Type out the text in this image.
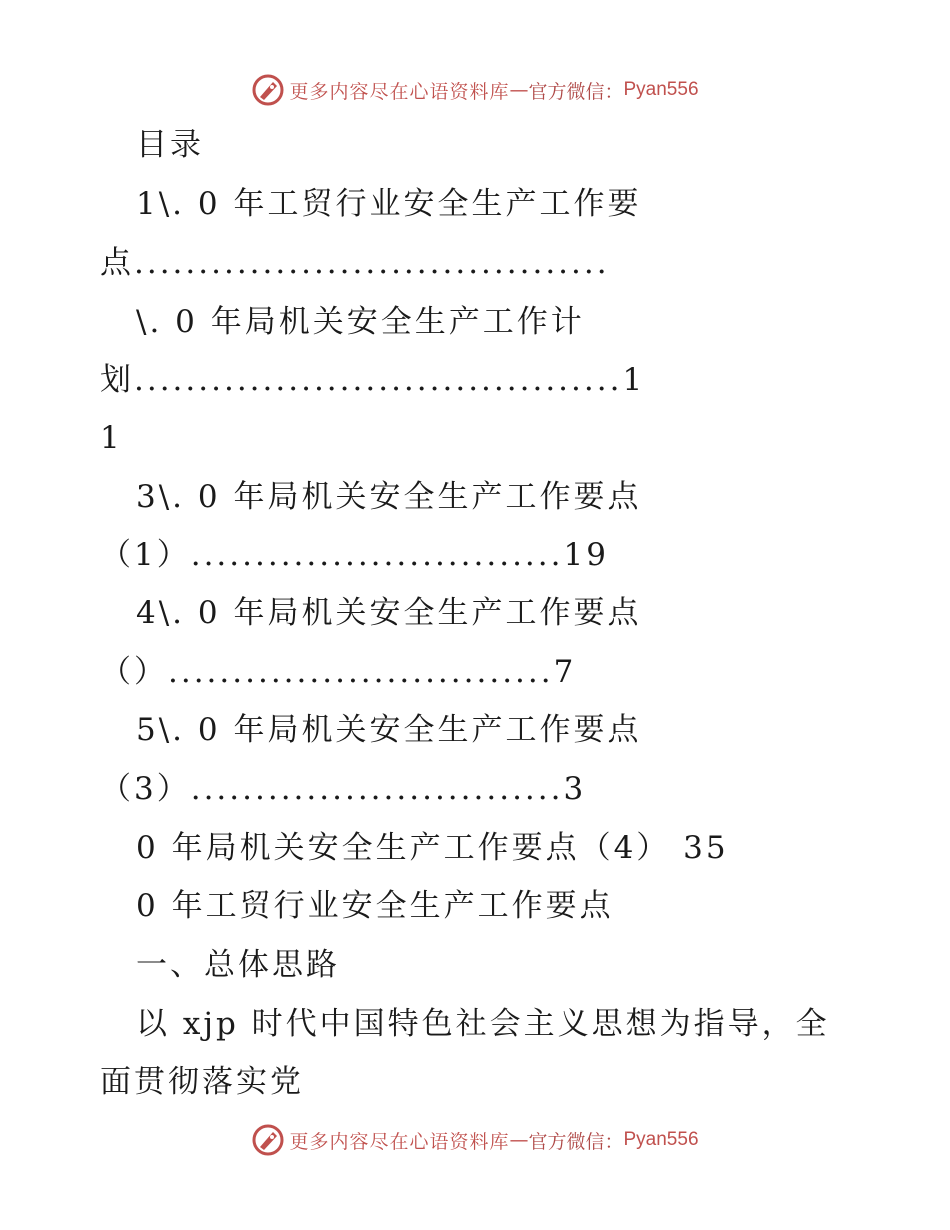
更多内容尽在心语资料库 — 官方微信： Pyan556
目录
1\. 0 年工贸行业安全生产工作要
点.....................................
\. 0 年局机关安全生产工作计
划......................................1
1
3\. 0 年局机关安全生产工作要点
（1）.............................19
4\. 0 年局机关安全生产工作要点
（）..............................7
5\. 0 年局机关安全生产工作要点
（3）.............................3
0 年局机关安全生产工作要点（4） 35
0 年工贸行业安全生产工作要点
一、总体思路
以 xjp 时代中国特色社会主义思想为指导，全
面贯彻落实党
更多内容尽在心语资料库 — 官方微信： Pyan556
